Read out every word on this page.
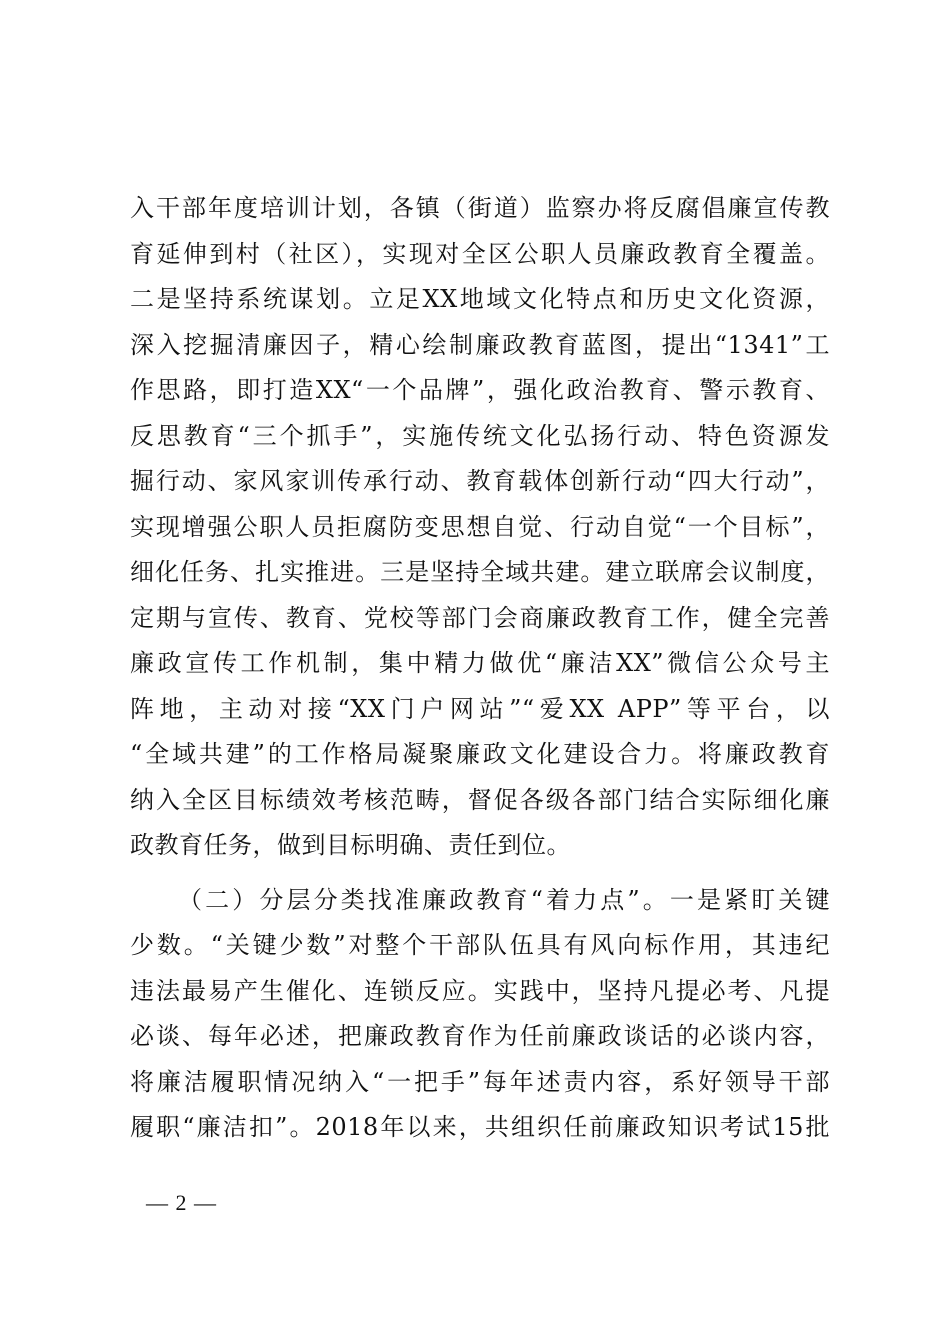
入干部年度培训计划，各镇（街道）监察办将反腐倡廉宣传教
育延伸到村（社区），实现对全区公职人员廉政教育全覆盖。
二是坚持系统谋划。立足XX地域文化特点和历史文化资源，
深入挖掘清廉因子，精心绘制廉政教育蓝图，提出“1341”工
作思路，即打造XX“一个品牌”，强化政治教育、警示教育、
反思教育“三个抓手”，实施传统文化弘扬行动、特色资源发
掘行动、家风家训传承行动、教育载体创新行动“四大行动”，
实现增强公职人员拒腐防变思想自觉、行动自觉“一个目标”，
细化任务、扎实推进。三是坚持全域共建。建立联席会议制度，
定期与宣传、教育、党校等部门会商廉政教育工作，健全完善
廉政宣传工作机制，集中精力做优“廉洁XX”微信公众号主
阵地，主动对接“XX门户网站”“爱XX APP”等平台，以
“全域共建”的工作格局凝聚廉政文化建设合力。将廉政教育
纳入全区目标绩效考核范畴，督促各级各部门结合实际细化廉
政教育任务，做到目标明确、责任到位。
（二）分层分类找准廉政教育“着力点”。一是紧盯关键
少数。“关键少数”对整个干部队伍具有风向标作用，其违纪
违法最易产生催化、连锁反应。实践中，坚持凡提必考、凡提
必谈、每年必述，把廉政教育作为任前廉政谈话的必谈内容，
将廉洁履职情况纳入“一把手”每年述责内容，系好领导干部
履职“廉洁扣”。2018年以来，共组织任前廉政知识考试15批
— 2 —
